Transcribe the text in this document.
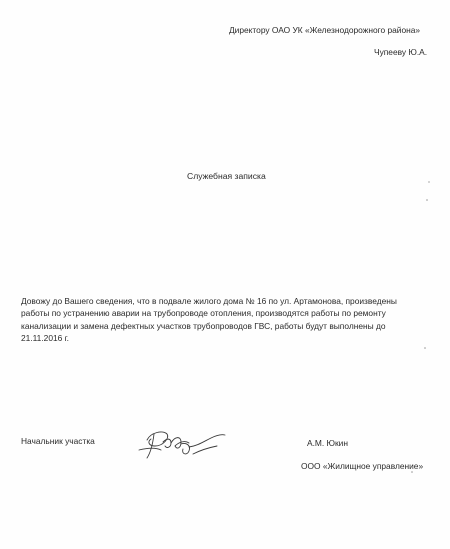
Директору ОАО УК «Железнодорожного района»
Чупееву Ю.А.
Служебная записка

Довожу до Вашего сведения, что в подвале жилого дома № 16 по ул. Артамонова, произведены

работы по устранению аварии на трубопроводе отопления, производятся работы по ремонту

канализации и замена дефектных участков трубопроводов ГВС, работы будут выполнены до

21.11.2016 г.

Начальник участка	А.М. Юкин
ООО «Жилищное управление»
